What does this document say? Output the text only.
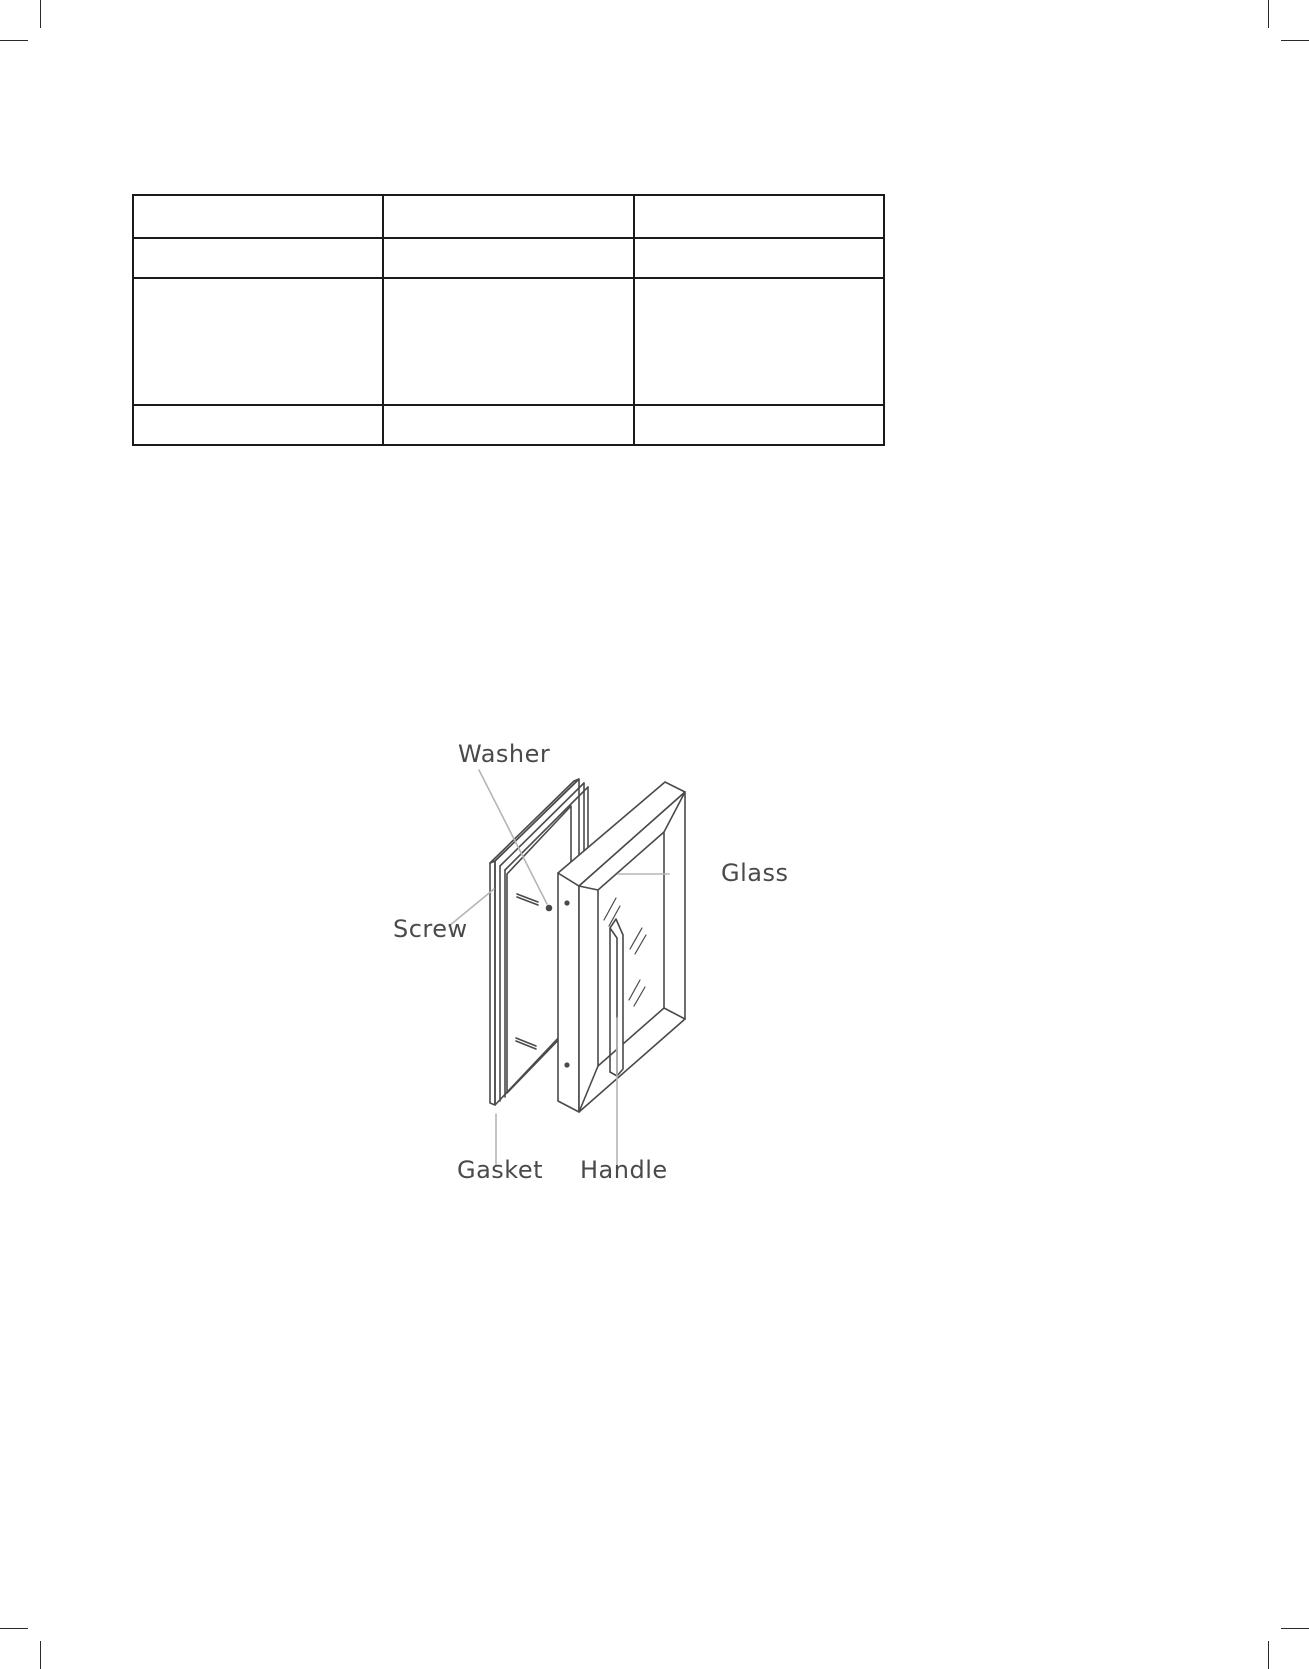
Washer
Glass
Screw
Gasket Handle
